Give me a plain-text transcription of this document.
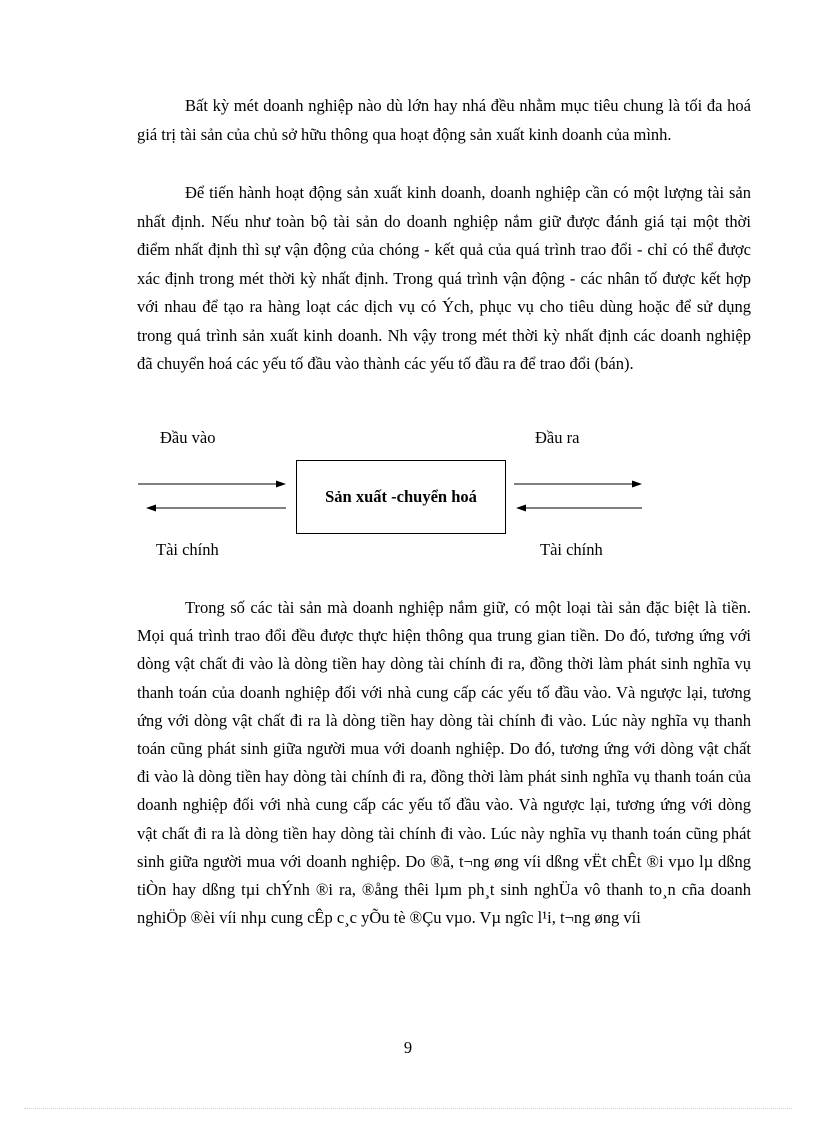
Bất kỳ mét doanh nghiệp nào dù lớn hay nhá đều nhằm mục tiêu chung là tối đa hoá giá trị tài sản của chủ sở hữu thông qua hoạt động sản xuất kinh doanh của mình.

Để tiến hành hoạt động sản xuất kinh doanh, doanh nghiệp cần có một lượng tài sản nhất định. Nếu như toàn bộ tài sản do doanh nghiệp nắm giữ được đánh giá tại một thời điểm nhất định thì sự vận động của chóng - kết quả của quá trình trao đổi - chỉ có thể được xác định trong mét thời kỳ nhất định. Trong quá trình vận động - các nhân tố được kết hợp với nhau để tạo ra hàng loạt các dịch vụ có Ých, phục vụ cho tiêu dùng hoặc để sử dụng trong quá trình sản xuất kinh doanh. Nh vậy trong mét thời kỳ nhất định các doanh nghiệp đã chuyển hoá các yếu tố đầu vào thành các yếu tố đầu ra để trao đổi (bán).

Đầu vào	Đầu ra
Sản xuất -chuyển hoá
Tài chính	Tài chính

Trong số các tài sản mà doanh nghiệp nắm giữ, có một loại tài sản đặc biệt là tiền. Mọi quá trình trao đổi đều được thực hiện thông qua trung gian tiền. Do đó, tương ứng với dòng vật chất đi vào là dòng tiền hay dòng tài chính đi ra, đồng thời làm phát sinh nghĩa vụ thanh toán của doanh nghiệp đối với nhà cung cấp các yếu tố đầu vào. Và ngược lại, tương ứng với dòng vật chất đi ra là dòng tiền hay dòng tài chính đi vào. Lúc này nghĩa vụ thanh toán cũng phát sinh giữa người mua với doanh nghiệp. Do đó, tương ứng với dòng vật chất đi vào là dòng tiền hay dòng tài chính đi ra, đồng thời làm phát sinh nghĩa vụ thanh toán của doanh nghiệp đối với nhà cung cấp các yếu tố đầu vào. Và ngược lại, tương ứng với dòng vật chất đi ra là dòng tiền hay dòng tài chính đi vào. Lúc này nghĩa vụ thanh toán cũng phát sinh giữa người mua với doanh nghiệp. Do ®ã, t¬ng øng víi dßng vËt chÊt ®i vµo lµ dßng tiÒn hay dßng tµi chÝnh ®i ra, ®ång thêi lµm ph¸t sinh nghÜa vô thanh to¸n cña doanh nghiÖp ®èi víi nhµ cung cÊp c¸c yÕu tè ®Çu vµo. Vµ ngîc l¹i, t¬ng øng víi

9
